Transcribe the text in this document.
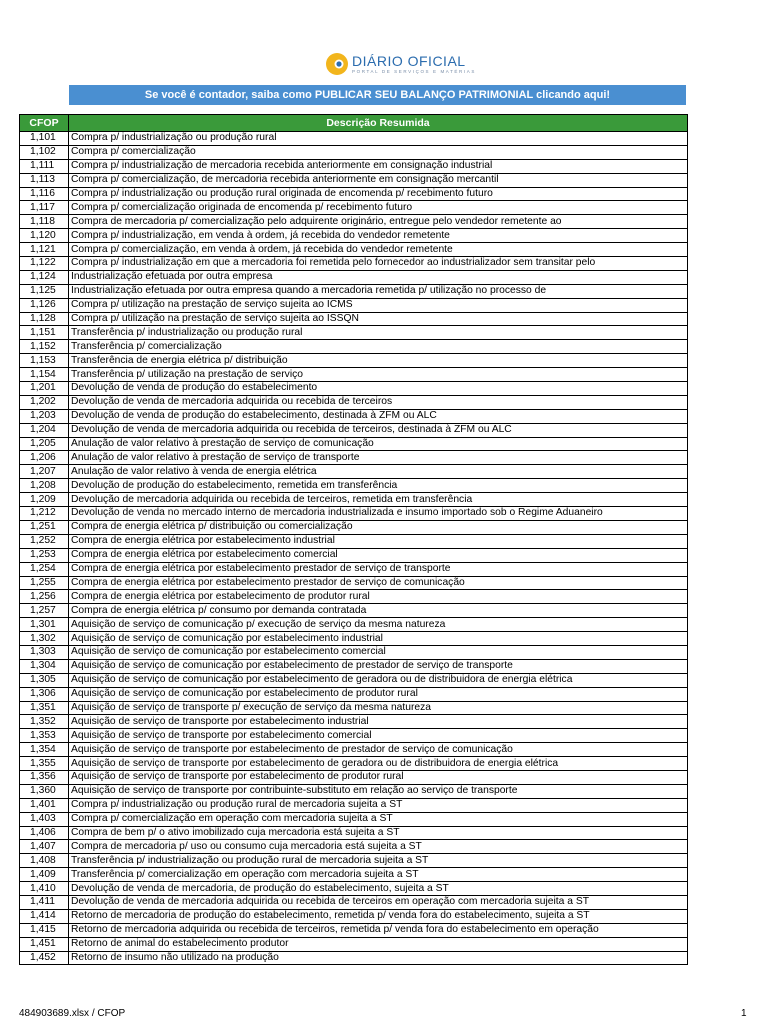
DIÁRIO OFICIAL
PORTAL DE SERVIÇOS E MATÉRIAS
Se você é contador, saiba como PUBLICAR SEU BALANÇO PATRIMONIAL clicando aqui!
CFOP	Descrição Resumida
1,101	Compra p/ industrialização ou produção rural
1,102	Compra p/ comercialização
1,111	Compra p/ industrialização de mercadoria recebida anteriormente em consignação industrial
1,113	Compra p/ comercialização, de mercadoria recebida anteriormente em consignação mercantil
1,116	Compra p/ industrialização ou produção rural originada de encomenda p/ recebimento futuro
1,117	Compra p/ comercialização originada de encomenda p/ recebimento futuro
1,118	Compra de mercadoria p/ comercialização pelo adquirente originário, entregue pelo vendedor remetente ao
1,120	Compra p/ industrialização, em venda à ordem, já recebida do vendedor remetente
1,121	Compra p/ comercialização, em venda à ordem, já recebida do vendedor remetente
1,122	Compra p/ industrialização em que a mercadoria foi remetida pelo fornecedor ao industrializador sem transitar pelo
1,124	Industrialização efetuada por outra empresa
1,125	Industrialização efetuada por outra empresa quando a mercadoria remetida p/ utilização no processo de
1,126	Compra p/ utilização na prestação de serviço sujeita ao ICMS
1,128	Compra p/ utilização na prestação de serviço sujeita ao ISSQN
1,151	Transferência p/ industrialização ou produção rural
1,152	Transferência p/ comercialização
1,153	Transferência de energia elétrica p/ distribuição
1,154	Transferência p/ utilização na prestação de serviço
1,201	Devolução de venda de produção do estabelecimento
1,202	Devolução de venda de mercadoria adquirida ou recebida de terceiros
1,203	Devolução de venda de produção do estabelecimento, destinada à ZFM ou ALC
1,204	Devolução de venda de mercadoria adquirida ou recebida de terceiros, destinada à ZFM ou ALC
1,205	Anulação de valor relativo à prestação de serviço de comunicação
1,206	Anulação de valor relativo à prestação de serviço de transporte
1,207	Anulação de valor relativo à venda de energia elétrica
1,208	Devolução de produção do estabelecimento, remetida em transferência
1,209	Devolução de mercadoria adquirida ou recebida de terceiros, remetida em transferência
1,212	Devolução de venda no mercado interno de mercadoria industrializada e insumo importado sob o Regime Aduaneiro
1,251	Compra de energia elétrica p/ distribuição ou comercialização
1,252	Compra de energia elétrica por estabelecimento industrial
1,253	Compra de energia elétrica por estabelecimento comercial
1,254	Compra de energia elétrica por estabelecimento prestador de serviço de transporte
1,255	Compra de energia elétrica por estabelecimento prestador de serviço de comunicação
1,256	Compra de energia elétrica por estabelecimento de produtor rural
1,257	Compra de energia elétrica p/ consumo por demanda contratada
1,301	Aquisição de serviço de comunicação p/ execução de serviço da mesma natureza
1,302	Aquisição de serviço de comunicação por estabelecimento industrial
1,303	Aquisição de serviço de comunicação por estabelecimento comercial
1,304	Aquisição de serviço de comunicação por estabelecimento de prestador de serviço de transporte
1,305	Aquisição de serviço de comunicação por estabelecimento de geradora ou de distribuidora de energia elétrica
1,306	Aquisição de serviço de comunicação por estabelecimento de produtor rural
1,351	Aquisição de serviço de transporte p/ execução de serviço da mesma natureza
1,352	Aquisição de serviço de transporte por estabelecimento industrial
1,353	Aquisição de serviço de transporte por estabelecimento comercial
1,354	Aquisição de serviço de transporte por estabelecimento de prestador de serviço de comunicação
1,355	Aquisição de serviço de transporte por estabelecimento de geradora ou de distribuidora de energia elétrica
1,356	Aquisição de serviço de transporte por estabelecimento de produtor rural
1,360	Aquisição de serviço de transporte por contribuinte-substituto em relação ao serviço de transporte
1,401	Compra p/ industrialização ou produção rural de mercadoria sujeita a ST
1,403	Compra p/ comercialização em operação com mercadoria sujeita a ST
1,406	Compra de bem p/ o ativo imobilizado cuja mercadoria está sujeita a ST
1,407	Compra de mercadoria p/ uso ou consumo cuja mercadoria está sujeita a ST
1,408	Transferência p/ industrialização ou produção rural de mercadoria sujeita a ST
1,409	Transferência p/ comercialização em operação com mercadoria sujeita a ST
1,410	Devolução de venda de mercadoria, de produção do estabelecimento, sujeita a ST
1,411	Devolução de venda de mercadoria adquirida ou recebida de terceiros em operação com mercadoria sujeita a ST
1,414	Retorno de mercadoria de produção do estabelecimento, remetida p/ venda fora do estabelecimento, sujeita a ST
1,415	Retorno de mercadoria adquirida ou recebida de terceiros, remetida p/ venda fora do estabelecimento em operação
1,451	Retorno de animal do estabelecimento produtor
1,452	Retorno de insumo não utilizado na produção
484903689.xlsx / CFOP	1
